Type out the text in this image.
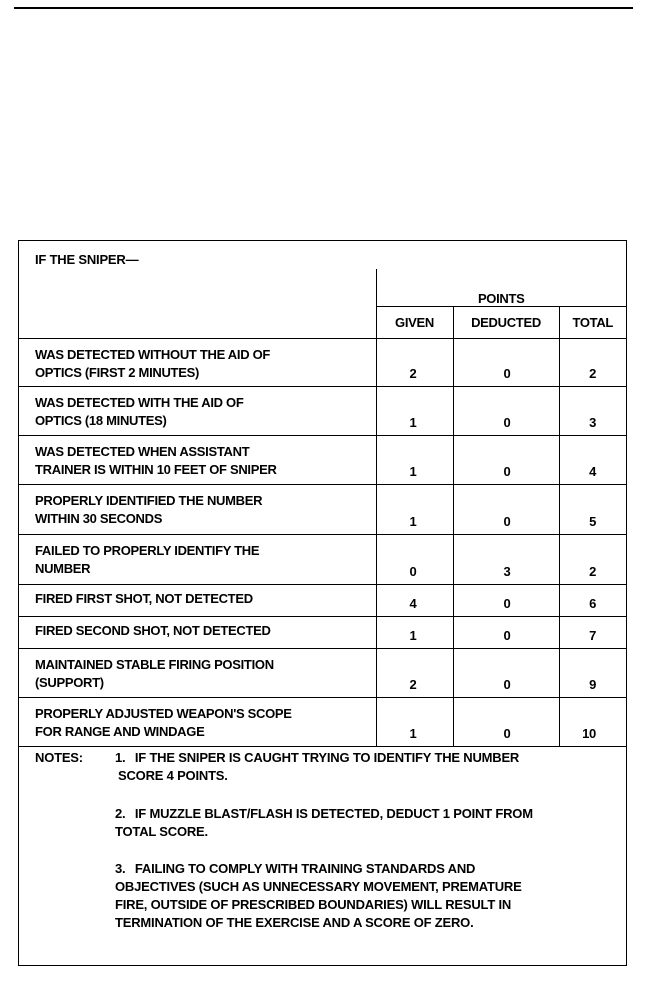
IF THE SNIPER—
	POINTS		
	GIVEN	DEDUCTED	TOTAL
WAS DETECTED WITHOUT THE AID OF
OPTICS (FIRST 2 MINUTES)	2	0	2

WAS DETECTED WITH THE AID OF
OPTICS (18 MINUTES)	1	0	3

WAS DETECTED WHEN ASSISTANT
TRAINER IS WITHIN 10 FEET OF SNIPER	1	0	4

PROPERLY IDENTIFIED THE NUMBER
WITHIN 30 SECONDS	1	0	5

FAILED TO PROPERLY IDENTIFY THE
NUMBER	0	3	2

FIRED FIRST SHOT, NOT DETECTED	4	0	6

FIRED SECOND SHOT, NOT DETECTED	1	0	7

MAINTAINED STABLE FIRING POSITION
(SUPPORT)	2	0	9

PROPERLY ADJUSTED WEAPON'S SCOPE
FOR RANGE AND WINDAGE	1	0	10
NOTES: 1. IF THE SNIPER IS CAUGHT TRYING TO IDENTIFY THE NUMBER
SCORE 4 POINTS.
2. IF MUZZLE BLAST/FLASH IS DETECTED, DEDUCT 1 POINT FROM
TOTAL SCORE.
3. FAILING TO COMPLY WITH TRAINING STANDARDS AND
OBJECTIVES (SUCH AS UNNECESSARY MOVEMENT, PREMATURE
FIRE, OUTSIDE OF PRESCRIBED BOUNDARIES) WILL RESULT IN
TERMINATION OF THE EXERCISE AND A SCORE OF ZERO.
